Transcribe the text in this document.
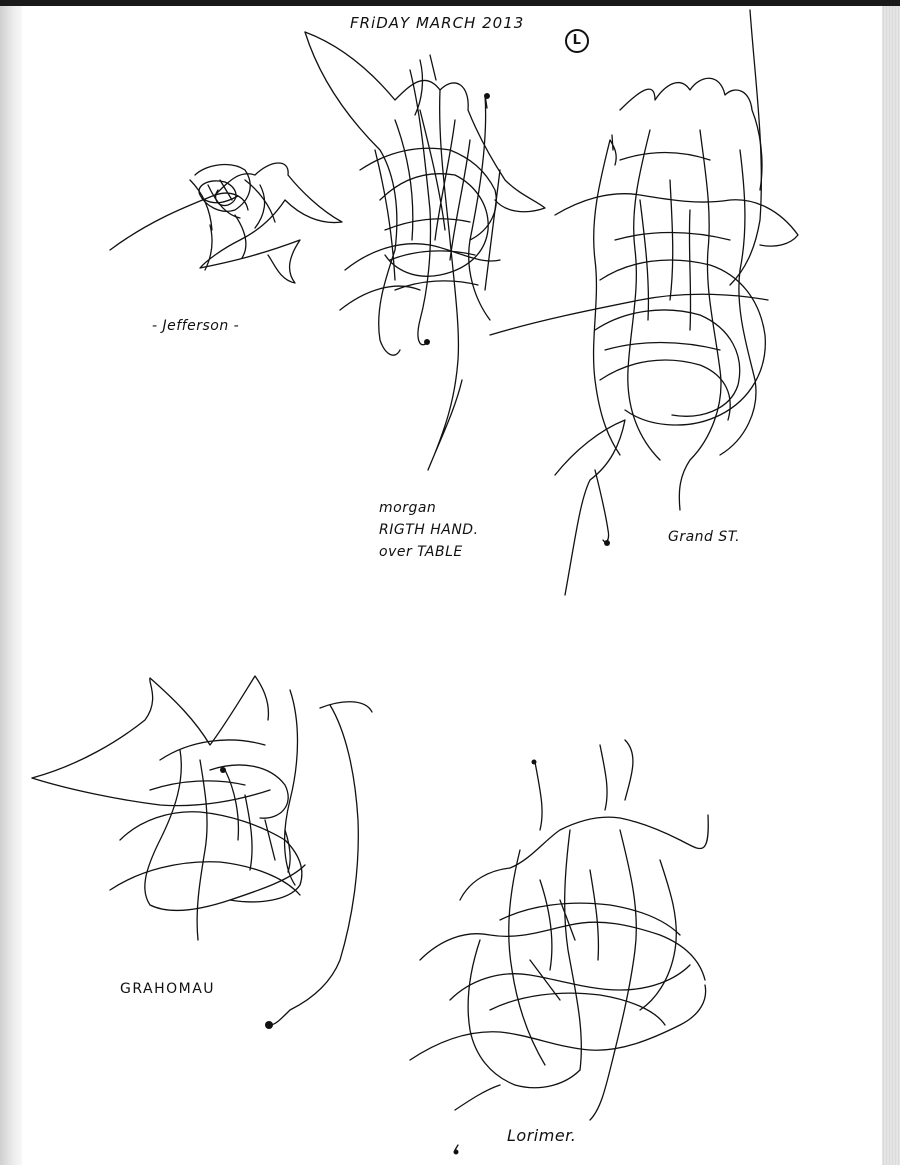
FRiDAY MARCH 2013
L
- Jefferson -
morgan
RIGTH HAND.
over TABLE
Grand ST.
GRAHOMAU
Lorimer.
